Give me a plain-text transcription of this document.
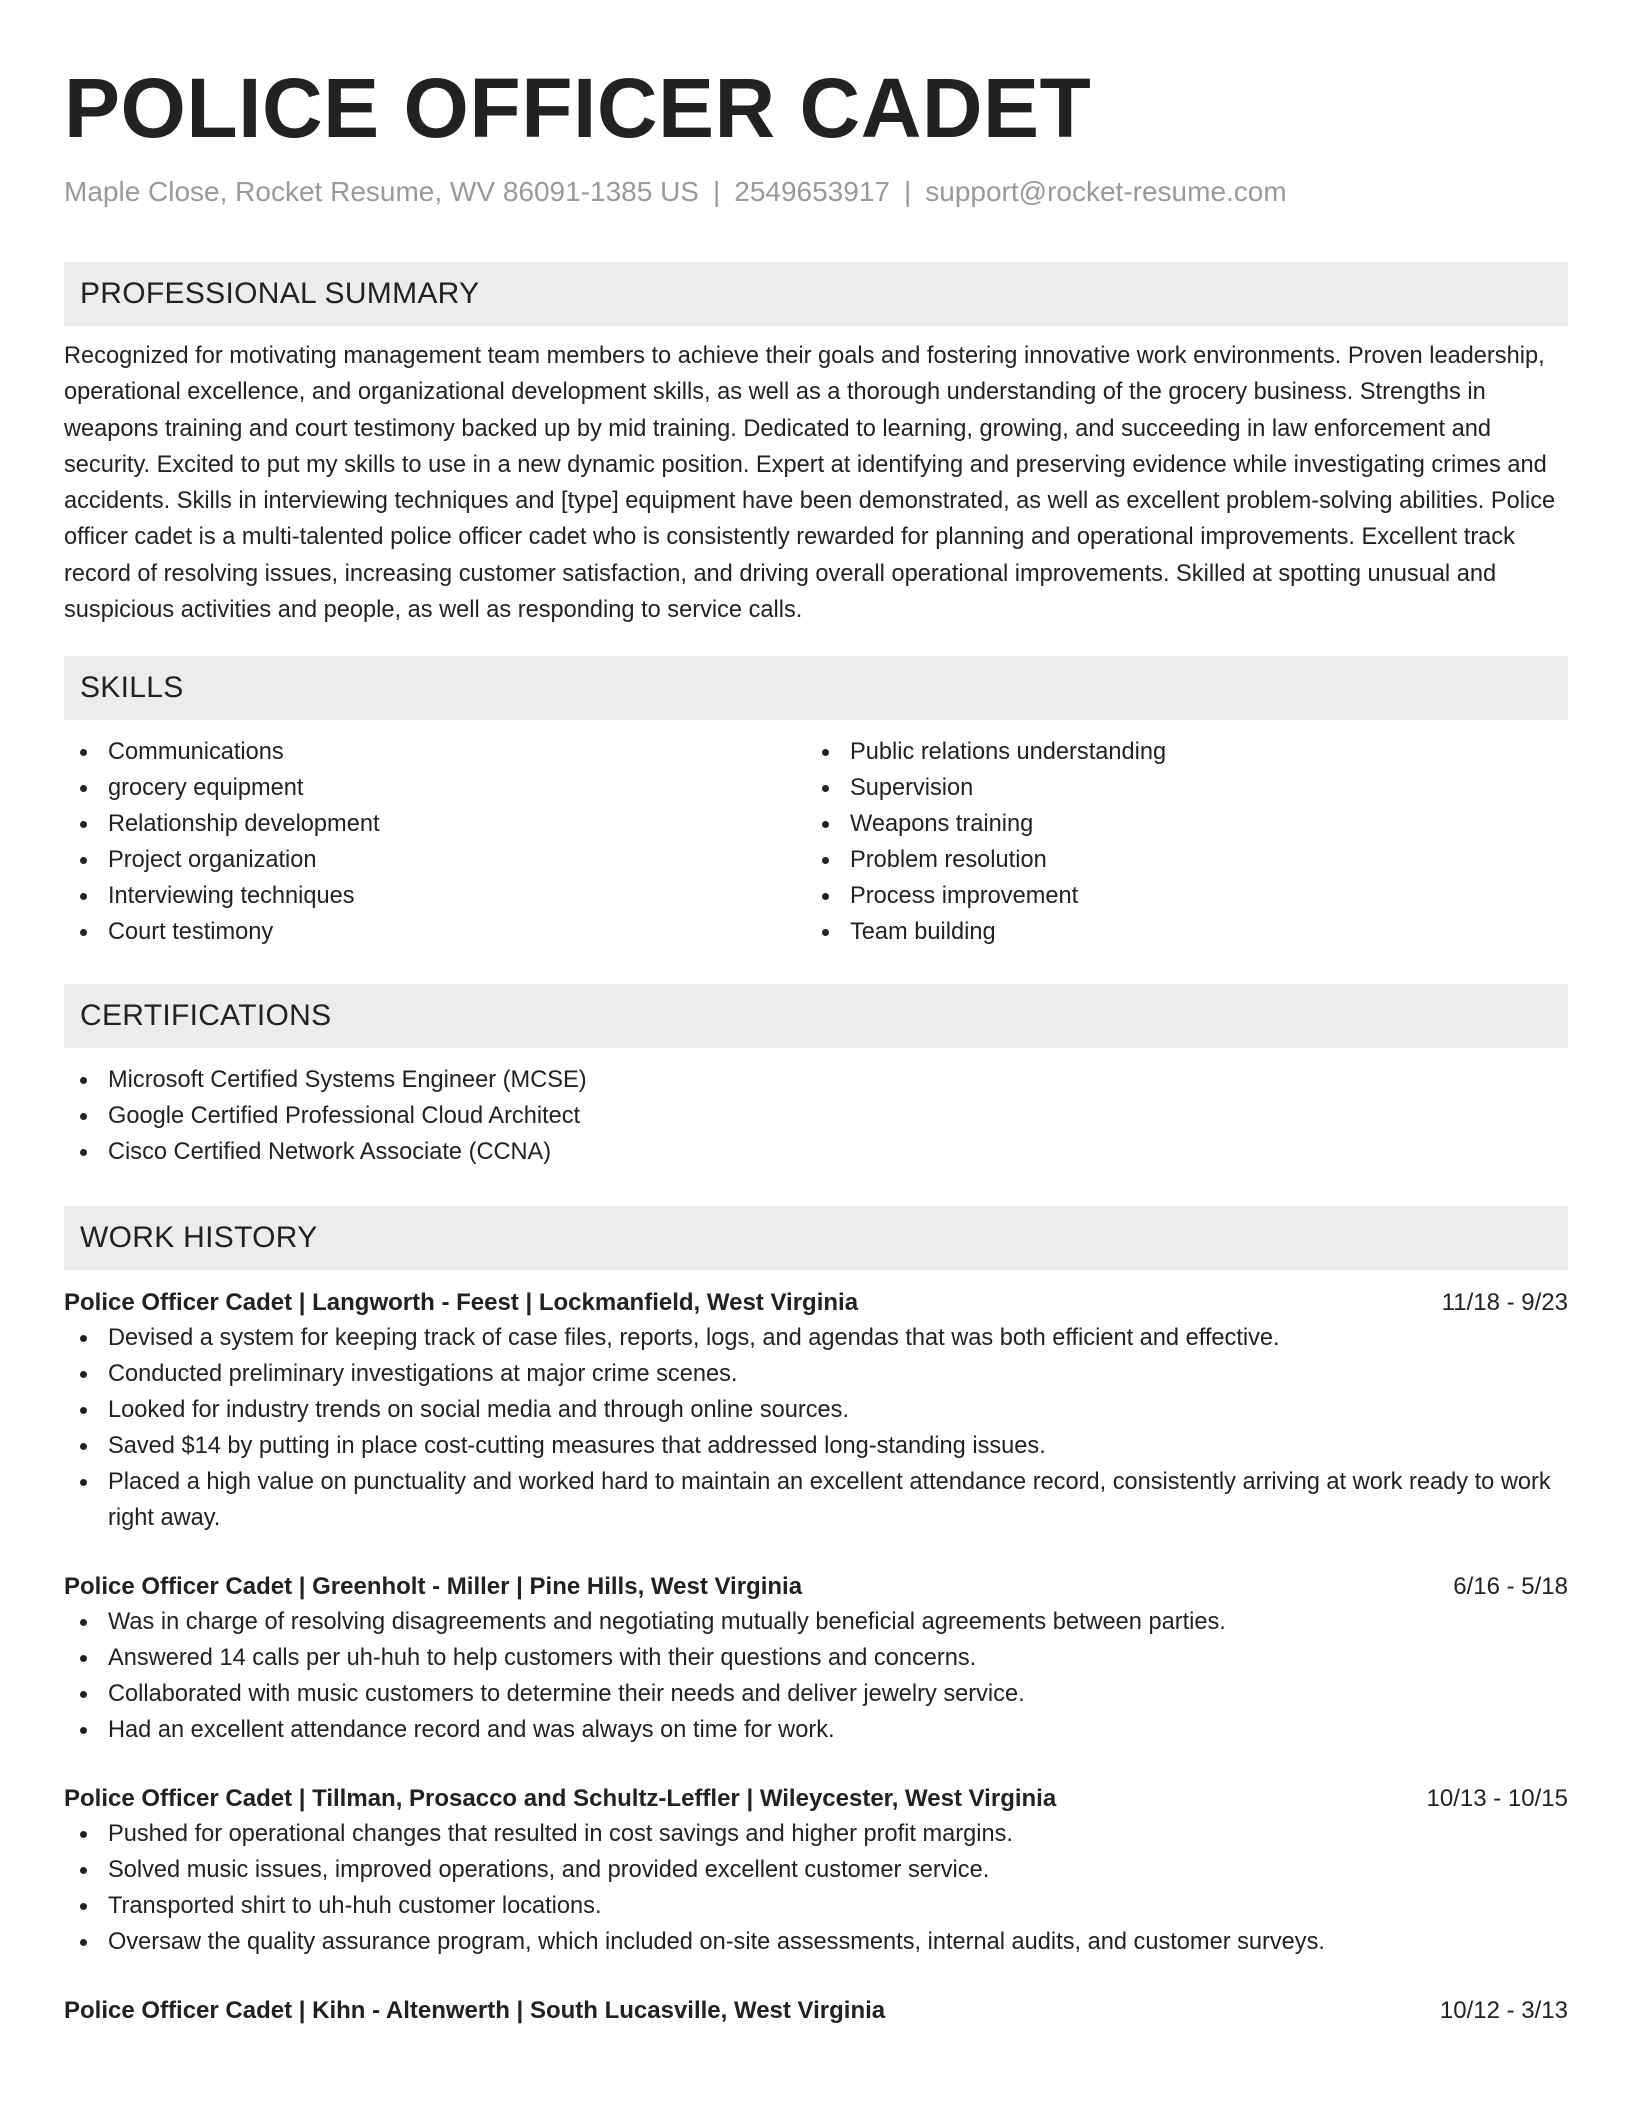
POLICE OFFICER CADET
Maple Close, Rocket Resume, WV 86091-1385 US | 2549653917 | support@rocket-resume.com
PROFESSIONAL SUMMARY

Recognized for motivating management team members to achieve their goals and fostering innovative work environments. Proven leadership, operational excellence, and organizational development skills, as well as a thorough understanding of the grocery business. Strengths in weapons training and court testimony backed up by mid training. Dedicated to learning, growing, and succeeding in law enforcement and security. Excited to put my skills to use in a new dynamic position. Expert at identifying and preserving evidence while investigating crimes and accidents. Skills in interviewing techniques and [type] equipment have been demonstrated, as well as excellent problem-solving abilities. Police officer cadet is a multi-talented police officer cadet who is consistently rewarded for planning and operational improvements. Excellent track record of resolving issues, increasing customer satisfaction, and driving overall operational improvements. Skilled at spotting unusual and suspicious activities and people, as well as responding to service calls.

SKILLS
Communications
grocery equipment
Relationship development
Project organization
Interviewing techniques
Court testimony
Public relations understanding
Supervision
Weapons training
Problem resolution
Process improvement
Team building
CERTIFICATIONS
Microsoft Certified Systems Engineer (MCSE)
Google Certified Professional Cloud Architect
Cisco Certified Network Associate (CCNA)
WORK HISTORY
Police Officer Cadet | Langworth - Feest | Lockmanfield, West Virginia	11/18 - 9/23
Devised a system for keeping track of case files, reports, logs, and agendas that was both efficient and effective.
Conducted preliminary investigations at major crime scenes.
Looked for industry trends on social media and through online sources.
Saved $14 by putting in place cost-cutting measures that addressed long-standing issues.
Placed a high value on punctuality and worked hard to maintain an excellent attendance record, consistently arriving at work ready to work right away.
Police Officer Cadet | Greenholt - Miller | Pine Hills, West Virginia	6/16 - 5/18
Was in charge of resolving disagreements and negotiating mutually beneficial agreements between parties.
Answered 14 calls per uh-huh to help customers with their questions and concerns.
Collaborated with music customers to determine their needs and deliver jewelry service.
Had an excellent attendance record and was always on time for work.
Police Officer Cadet | Tillman, Prosacco and Schultz-Leffler | Wileycester, West Virginia	10/13 - 10/15
Pushed for operational changes that resulted in cost savings and higher profit margins.
Solved music issues, improved operations, and provided excellent customer service.
Transported shirt to uh-huh customer locations.
Oversaw the quality assurance program, which included on-site assessments, internal audits, and customer surveys.
Police Officer Cadet | Kihn - Altenwerth | South Lucasville, West Virginia	10/12 - 3/13
